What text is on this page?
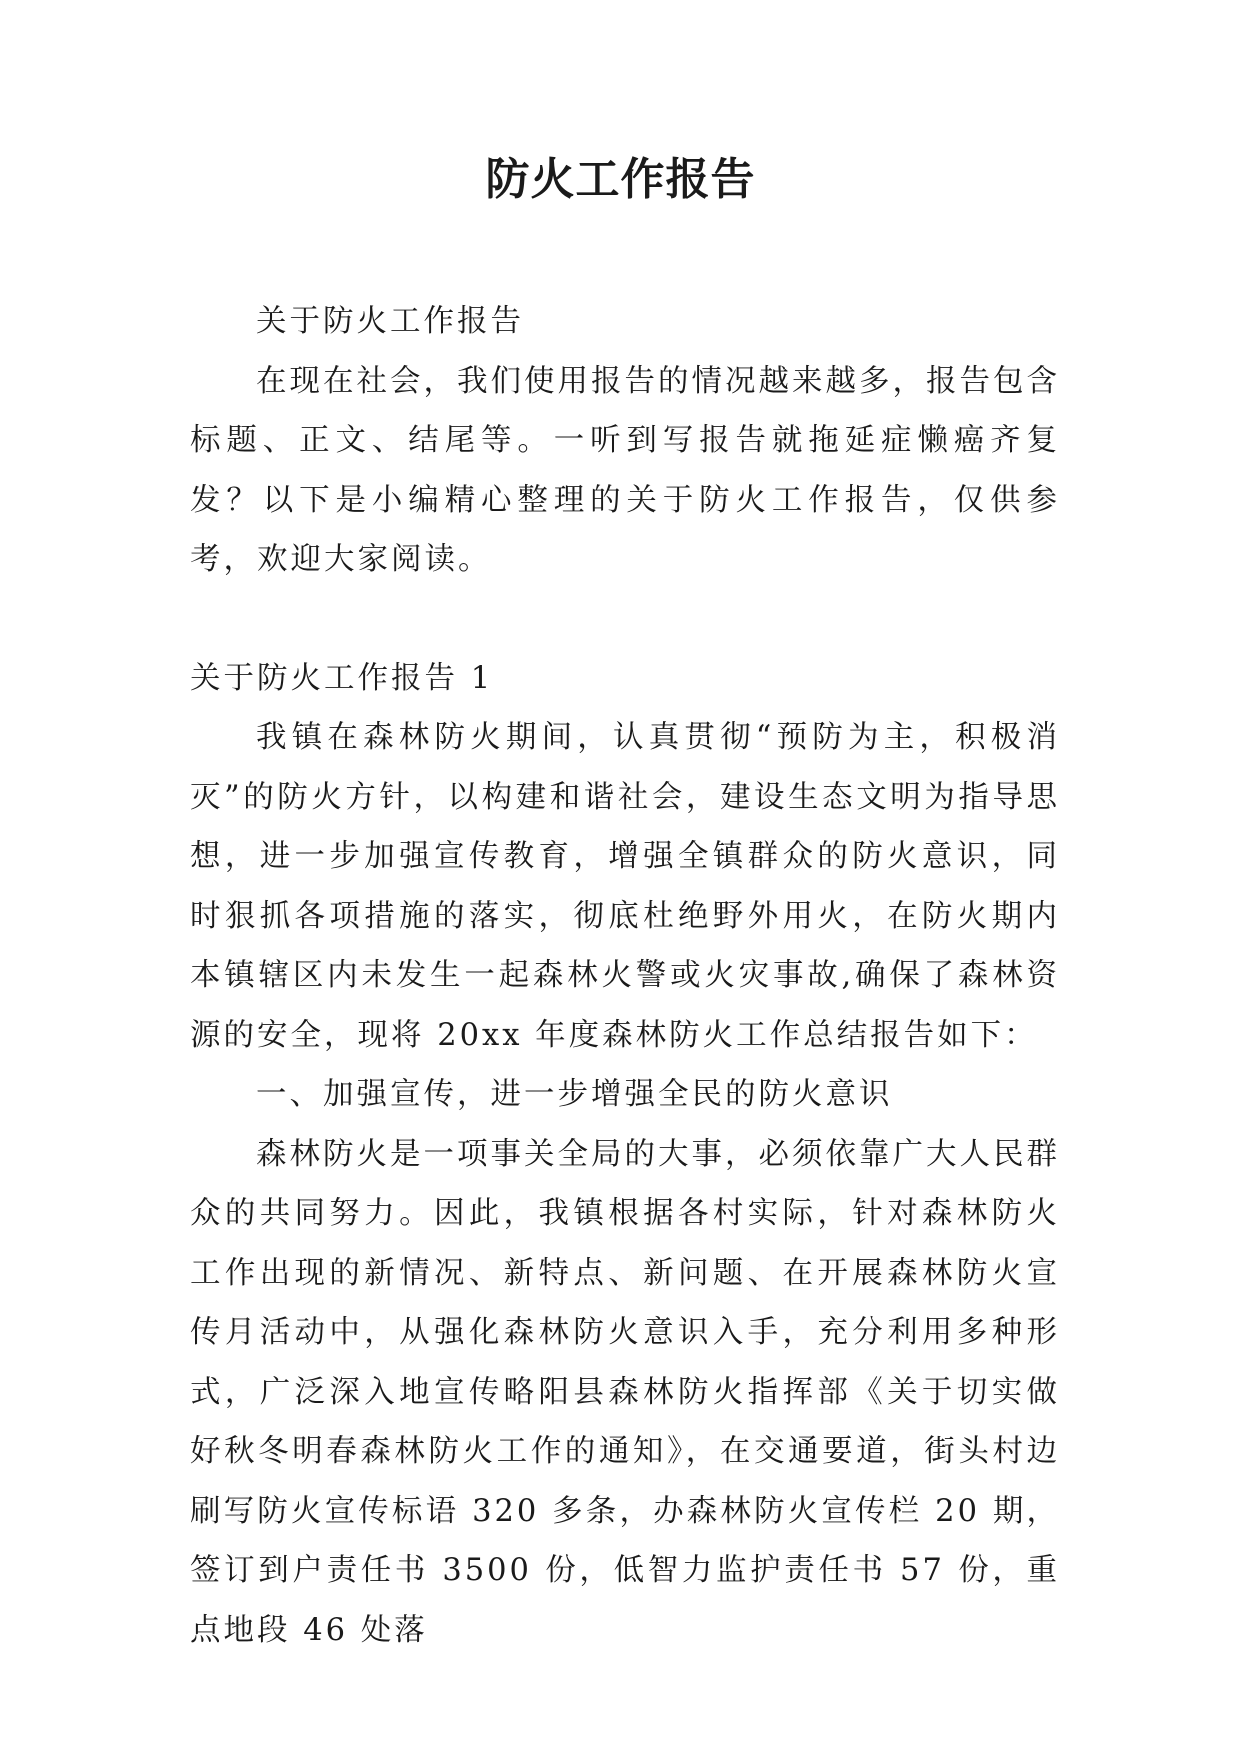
防火工作报告

关于防火工作报告

在现在社会，我们使用报告的情况越来越多，报告包含标题、正文、结尾等。一听到写报告就拖延症懒癌齐复发？以下是小编精心整理的关于防火工作报告，仅供参考，欢迎大家阅读。

关于防火工作报告 1

我镇在森林防火期间，认真贯彻“预防为主，积极消灭”的防火方针，以构建和谐社会，建设生态文明为指导思想，进一步加强宣传教育，增强全镇群众的防火意识，同时狠抓各项措施的落实，彻底杜绝野外用火，在防火期内本镇辖区内未发生一起森林火警或火灾事故,确保了森林资源的安全，现将 20xx 年度森林防火工作总结报告如下：

一、加强宣传，进一步增强全民的防火意识

森林防火是一项事关全局的大事，必须依靠广大人民群众的共同努力。因此，我镇根据各村实际，针对森林防火工作出现的新情况、新特点、新问题、在开展森林防火宣传月活动中，从强化森林防火意识入手，充分利用多种形式，广泛深入地宣传略阳县森林防火指挥部《关于切实做好秋冬明春森林防火工作的通知》，在交通要道，街头村边刷写防火宣传标语 320 多条，办森林防火宣传栏 20 期，签订到户责任书 3500 份，低智力监护责任书 57 份，重点地段 46 处落
